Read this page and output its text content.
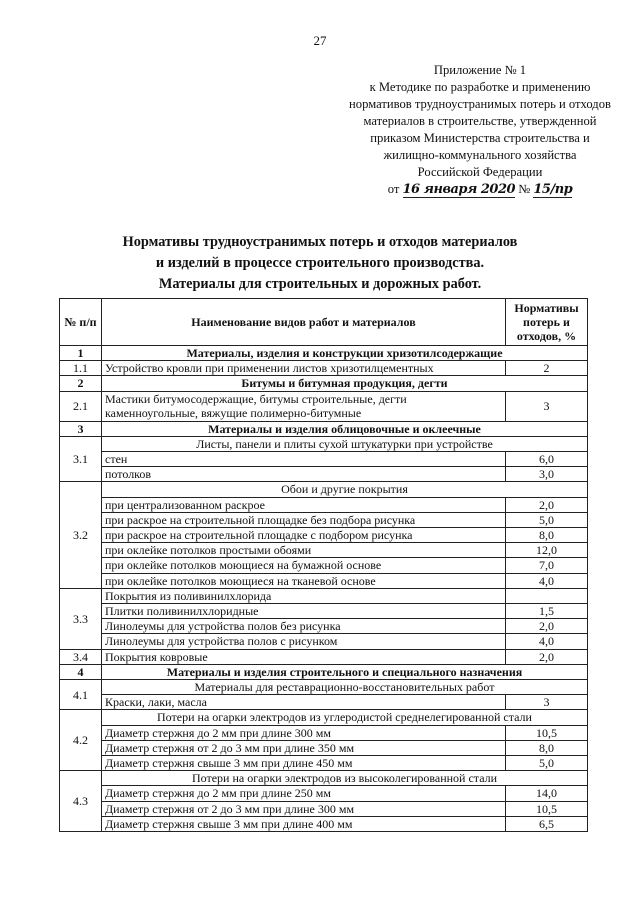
27
Приложение № 1
к Методике по разработке и применению
нормативов трудноустранимых потерь и отходов
материалов в строительстве, утвержденной
приказом Министерства строительства и
жилищно-коммунального хозяйства
Российской Федерации
от 16 января 2020 № 15/пр
Нормативы трудноустранимых потерь и отходов материалов
и изделий в процессе строительного производства.
Материалы для строительных и дорожных работ.
№ п/п	Наименование видов работ и материалов	Нормативы потерь и отходов, %
1	Материалы, изделия и конструкции хризотилсодержащие	
1.1	Устройство кровли при применении листов хризотилцементных	2
2	Битумы и битумная продукция, дегти	
2.1	Мастики битумосодержащие, битумы строительные, дегти каменноугольные, вяжущие полимерно-битумные	3
3	Материалы и изделия облицовочные и оклеечные	
3.1	Листы, панели и плиты сухой штукатурки при устройстве	
	стен	6,0
	потолков	3,0
3.2	Обои и другие покрытия	
	при централизованном раскрое	2,0
	при раскрое на строительной площадке без подбора рисунка	5,0
	при раскрое на строительной площадке с подбором рисунка	8,0
	при оклейке потолков простыми обоями	12,0
	при оклейке потолков моющиеся на бумажной основе	7,0
	при оклейке потолков моющиеся на тканевой основе	4,0
3.3	Покрытия из поливинилхлорида	
	Плитки поливинилхлоридные	1,5
	Линолеумы для устройства полов без рисунка	2,0
	Линолеумы для устройства полов с рисунком	4,0
3.4	Покрытия ковровые	2,0
4	Материалы и изделия строительного и специального назначения	
4.1	Материалы для реставрационно-восстановительных работ	
	Краски, лаки, масла	3
4.2	Потери на огарки электродов из углеродистой среднелегированной стали	
	Диаметр стержня до 2 мм при длине 300 мм	10,5
	Диаметр стержня от 2 до 3 мм при длине 350 мм	8,0
	Диаметр стержня свыше 3 мм при длине 450 мм	5,0
4.3	Потери на огарки электродов из высоколегированной стали	
	Диаметр стержня до 2 мм при длине 250 мм	14,0
	Диаметр стержня от 2 до 3 мм при длине 300 мм	10,5
	Диаметр стержня свыше 3 мм при длине 400 мм	6,5
